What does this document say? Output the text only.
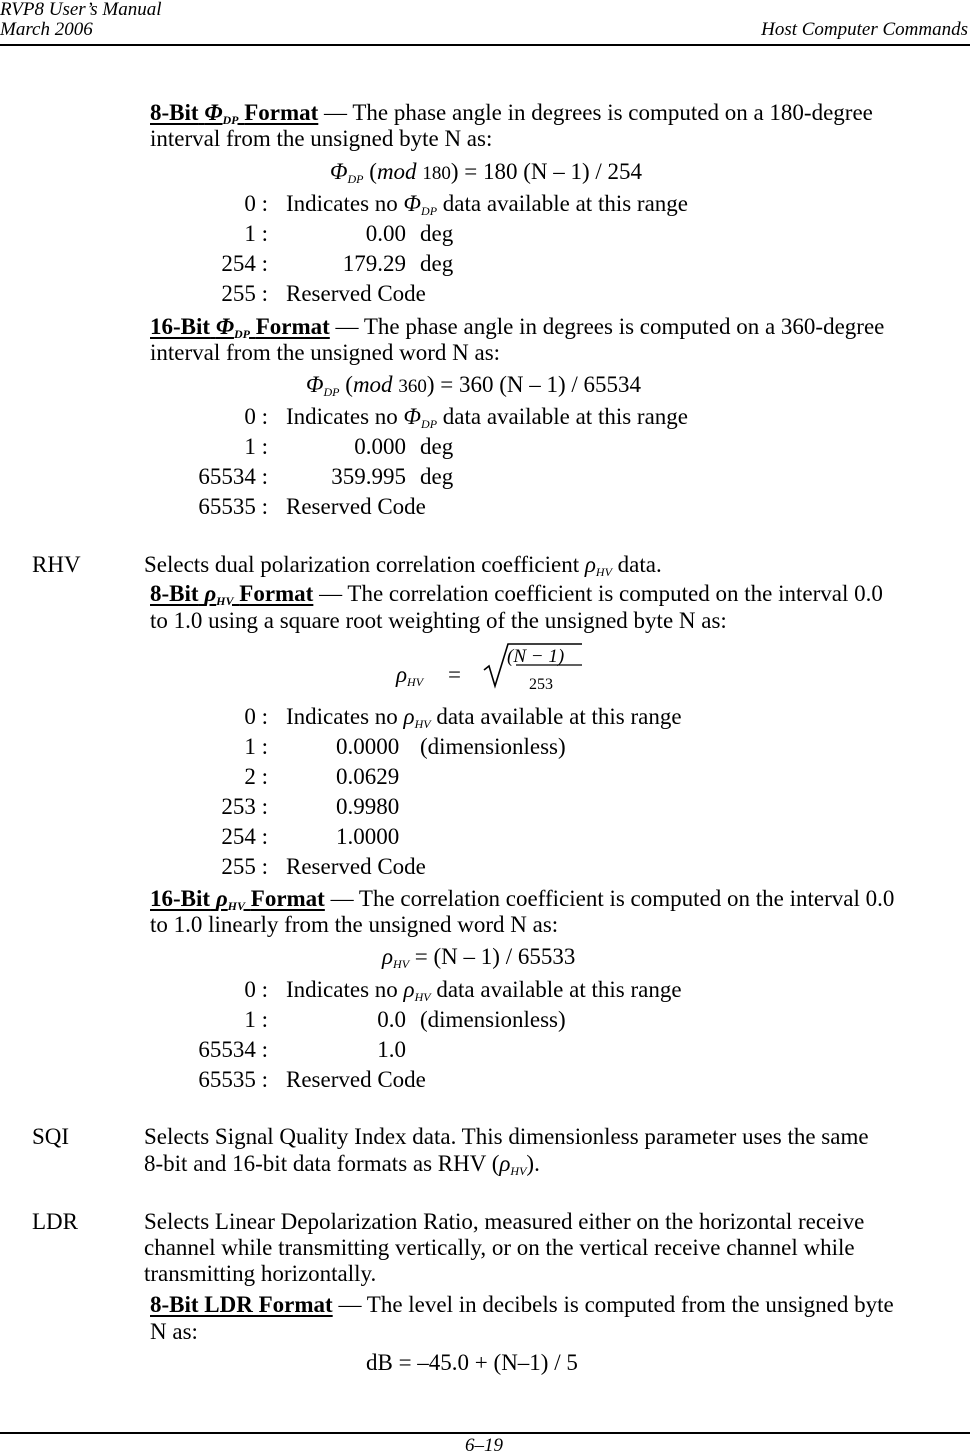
RVP8 User’s Manual
March 2006	Host Computer Commands
8-Bit ΦDP Format — The phase angle in degrees is computed on a 180-degree
interval from the unsigned byte N as:
ΦDP (mod 180) = 180 (N – 1) / 254
0 : Indicates no ΦDP data available at this range
1 :	0.00 deg
254 :	179.29 deg
255 : Reserved Code
16-Bit ΦDP Format — The phase angle in degrees is computed on a 360-degree
interval from the unsigned word N as:
ΦDP (mod 360) = 360 (N – 1) / 65534
0 : Indicates no ΦDP data available at this range
1 :	0.000 deg
65534 :	359.995 deg
65535 : Reserved Code
RHV	Selects dual polarization correlation coefficient ρHV data.
8-Bit ρHV Format — The correlation coefficient is computed on the interval 0.0
to 1.0 using a square root weighting of the unsigned byte N as:
ρHV =
(N − 1)
253
0 : Indicates no ρHV data available at this range
1 :	0.0000 (dimensionless)
2 :	0.0629
253 :	0.9980
254 :	1.0000
255 : Reserved Code
16-Bit ρHV Format — The correlation coefficient is computed on the interval 0.0
to 1.0 linearly from the unsigned word N as:
ρHV = (N – 1) / 65533
0 : Indicates no ρHV data available at this range
1 :	0.0 (dimensionless)
65534 :	1.0
65535 : Reserved Code
SQI	Selects Signal Quality Index data. This dimensionless parameter uses the same
8-bit and 16-bit data formats as RHV (ρHV).
LDR	Selects Linear Depolarization Ratio, measured either on the horizontal receive
channel while transmitting vertically, or on the vertical receive channel while
transmitting horizontally.
8-Bit LDR Format — The level in decibels is computed from the unsigned byte
N as:
dB = –45.0 + (N–1) / 5
6–19
